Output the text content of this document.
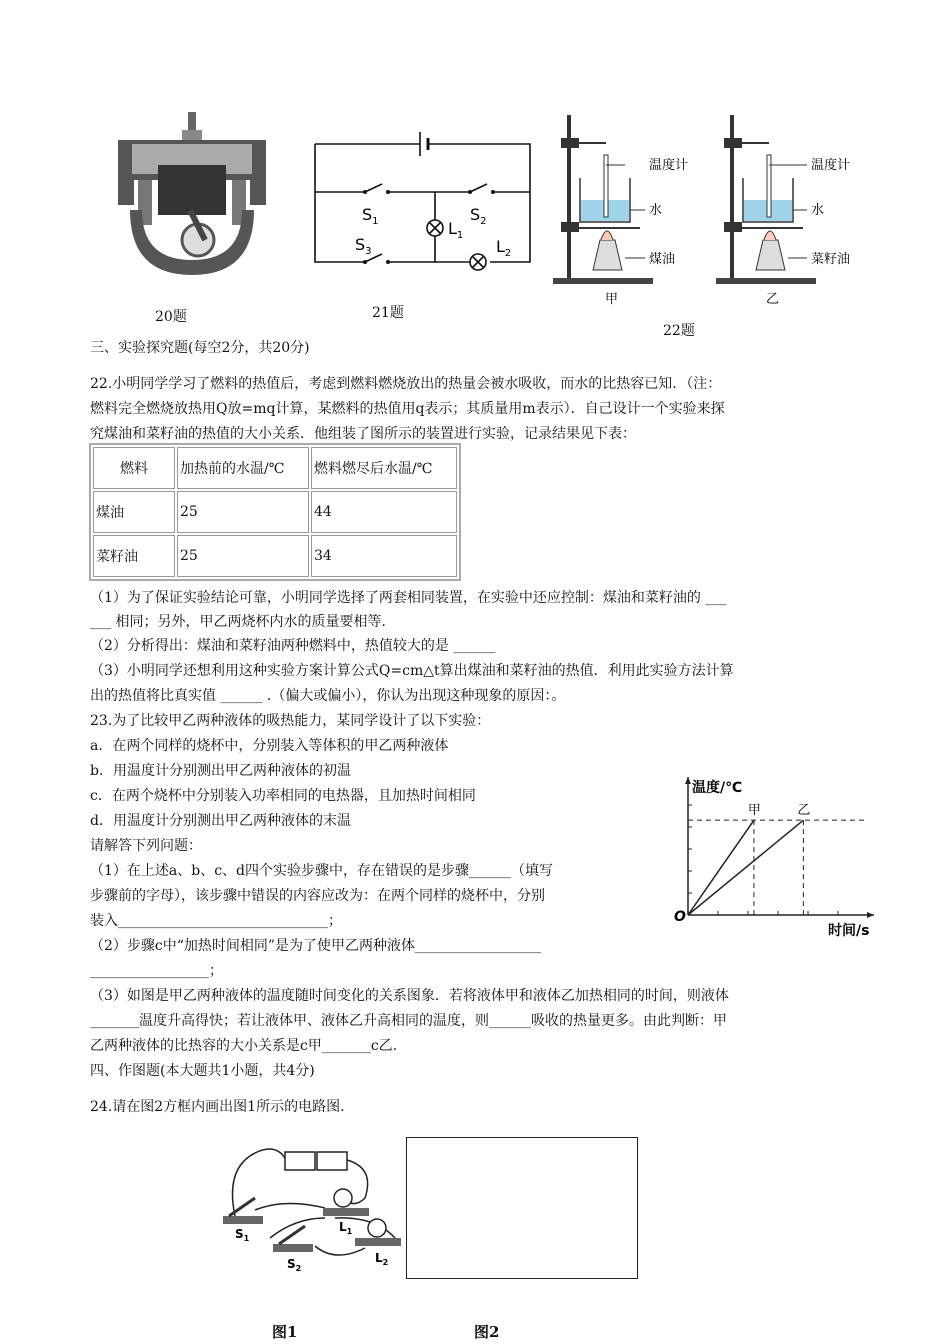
20题
$S_1$
$S_3$
$S_2$
$L_1$
$L_2$
21题
温度计
水
煤油
甲
温度计
水
菜籽油
乙
22题
三、实验探究题(每空2分，共20分)
22.小明同学学习了燃料的热值后，考虑到燃料燃烧放出的热量会被水吸收，而水的比热容已知．（注：
燃料完全燃烧放热用Q放=mq计算，某燃料的热值用q表示；其质量用m表示）．自己设计一个实验来探
究煤油和菜籽油的热值的大小关系．他组装了图所示的装置进行实验，记录结果见下表：
燃料	加热前的水温/℃	燃料燃尽后水温/℃
煤油	25	44
菜籽油	25	34
（1）为了保证实验结论可靠，小明同学选择了两套相同装置，在实验中还应控制：煤油和菜籽油的 ___
___ 相同；另外，甲乙两烧杯内水的质量要相等．
（2）分析得出：煤油和菜籽油两种燃料中，热值较大的是 ______
（3）小明同学还想利用这种实验方案计算公式Q=cm△t算出煤油和菜籽油的热值．利用此实验方法计算
出的热值将比真实值 ______ .（偏大或偏小），你认为出现这种现象的原因：。
23.为了比较甲乙两种液体的吸热能力，某同学设计了以下实验：
a．在两个同样的烧杯中，分别装入等体积的甲乙两种液体
b．用温度计分别测出甲乙两种液体的初温
c．在两个烧杯中分别装入功率相同的电热器，且加热时间相同
d．用温度计分别测出甲乙两种液体的末温
请解答下列问题：
（1）在上述a、b、c、d四个实验步骤中，存在错误的是步骤______（填写
步骤前的字母），该步骤中错误的内容应改为：在两个同样的烧杯中，分别
装入______________________________；
（2）步骤c中“加热时间相同”是为了使甲乙两种液体__________________
_________________；
（3）如图是甲乙两种液体的温度随时间变化的关系图象．若将液体甲和液体乙加热相同的时间，则液体
_______温度升高得快；若让液体甲、液体乙升高相同的温度，则______吸收的热量更多。由此判断：甲
乙两种液体的比热容的大小关系是c甲_______c乙.
甲	乙
温度/℃
时间/s
O
四、作图题(本大题共1小题，共4分)
24.请在图2方框内画出图1所示的电路图.
$S_1$
$S_2$
$L_1$
$L_2$
图1	图2
